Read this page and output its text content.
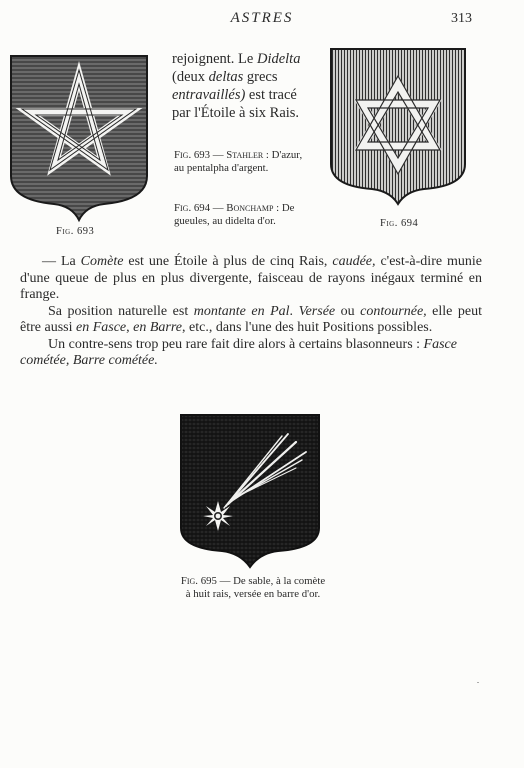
ASTRES	313
Fig. 693
rejoignent. Le Didelta (deux deltas grecs entravaillés) est tracé par l'Étoile à six Rais.
Fig. 693 — Stahler : D'azur, au pentalpha d'argent.
Fig. 694 — Bonchamp : De gueules, au didelta d'or.	Fig. 694

— La Comète est une Étoile à plus de cinq Rais, caudée, c'est-à-dire munie d'une queue de plus en plus divergente, faisceau de rayons inégaux terminé en frange.

Sa position naturelle est montante en Pal. Versée ou contournée, elle peut être aussi en Fasce, en Barre, etc., dans l'une des huit Positions possibles.

Un contre-sens trop peu rare fait dire alors à certains blasonneurs : Fasce cométée, Barre cométée.

Fig. 695 — De sable, à la comète à huit rais, versée en barre d'or.
.
